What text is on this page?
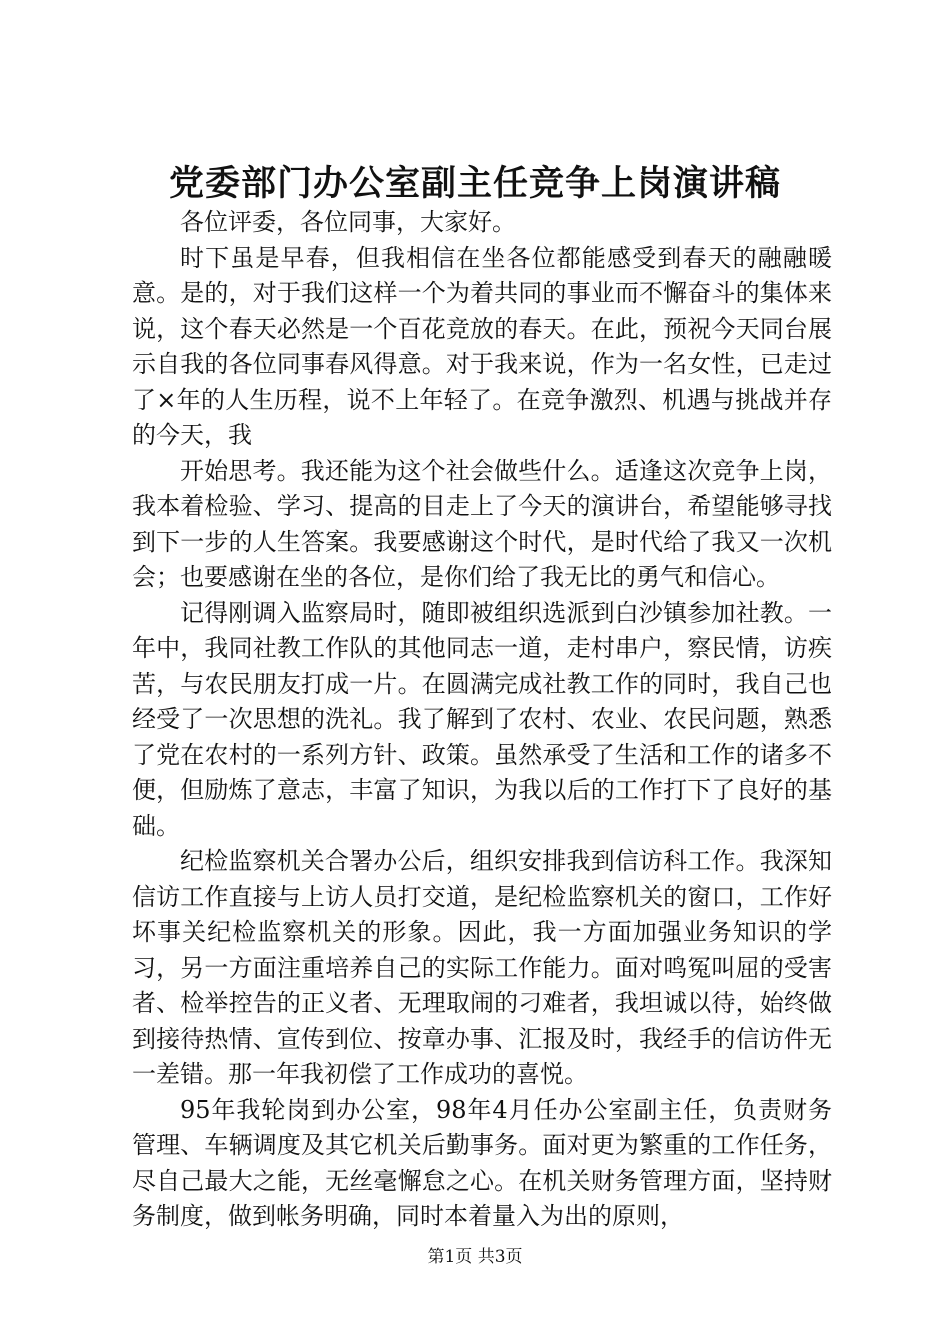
党委部门办公室副主任竞争上岗演讲稿

各位评委，各位同事，大家好。

时下虽是早春，但我相信在坐各位都能感受到春天的融融暖意。是的，对于我们这样一个为着共同的事业而不懈奋斗的集体来说，这个春天必然是一个百花竞放的春天。在此，预祝今天同台展示自我的各位同事春风得意。对于我来说，作为一名女性，已走过了×年的人生历程，说不上年轻了。在竞争激烈、机遇与挑战并存的今天，我

开始思考。我还能为这个社会做些什么。适逢这次竞争上岗，我本着检验、学习、提高的目走上了今天的演讲台，希望能够寻找到下一步的人生答案。我要感谢这个时代，是时代给了我又一次机会；也要感谢在坐的各位，是你们给了我无比的勇气和信心。

记得刚调入监察局时，随即被组织选派到白沙镇参加社教。一年中，我同社教工作队的其他同志一道，走村串户，察民情，访疾苦，与农民朋友打成一片。在圆满完成社教工作的同时，我自己也经受了一次思想的洗礼。我了解到了农村、农业、农民问题，熟悉了党在农村的一系列方针、政策。虽然承受了生活和工作的诸多不便，但励炼了意志，丰富了知识，为我以后的工作打下了良好的基础。

纪检监察机关合署办公后，组织安排我到信访科工作。我深知信访工作直接与上访人员打交道，是纪检监察机关的窗口，工作好坏事关纪检监察机关的形象。因此，我一方面加强业务知识的学习，另一方面注重培养自己的实际工作能力。面对鸣冤叫屈的受害者、检举控告的正义者、无理取闹的刁难者，我坦诚以待，始终做到接待热情、宣传到位、按章办事、汇报及时，我经手的信访件无一差错。那一年我初偿了工作成功的喜悦。

95年我轮岗到办公室，98年4月任办公室副主任，负责财务管理、车辆调度及其它机关后勤事务。面对更为繁重的工作任务，尽自己最大之能，无丝毫懈怠之心。在机关财务管理方面，坚持财务制度，做到帐务明确，同时本着量入为出的原则，

第1页 共3页
